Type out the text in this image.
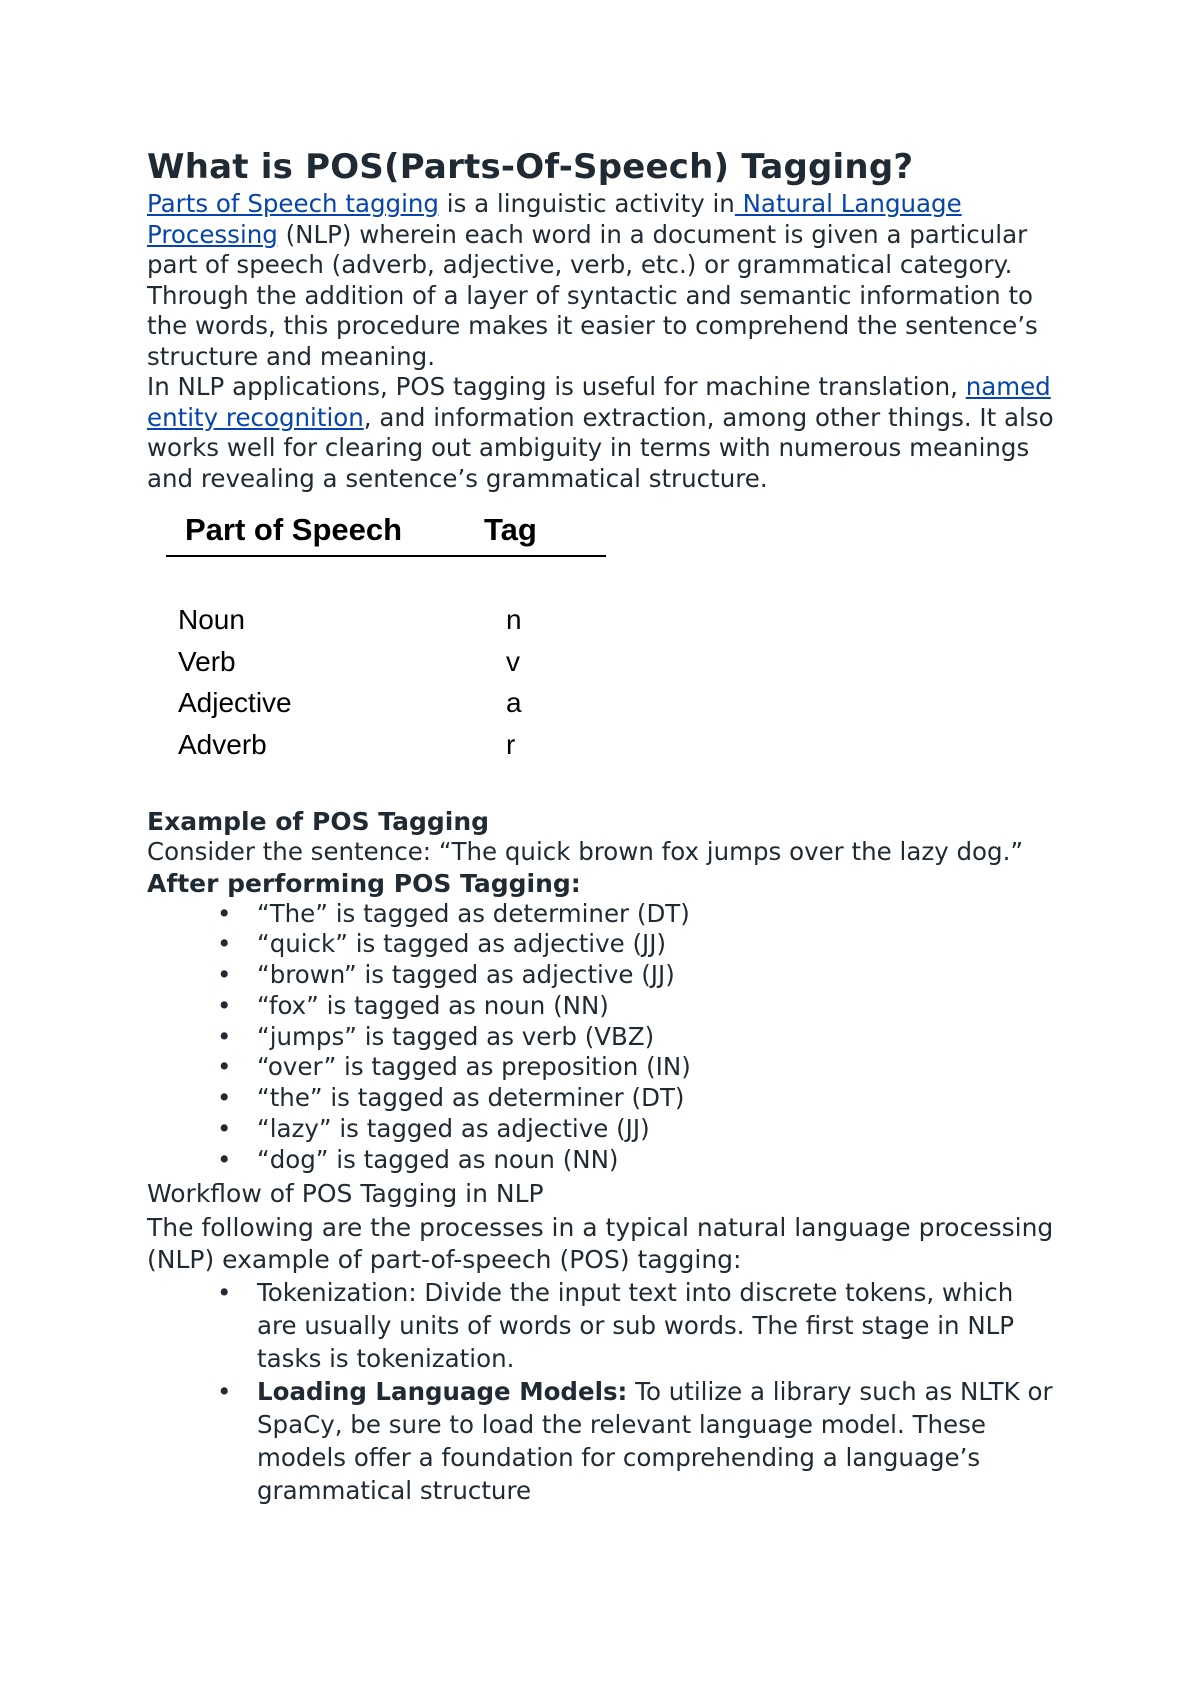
What is POS(Parts-Of-Speech) Tagging?

Parts of Speech tagging is a linguistic activity in Natural Language Processing (NLP) wherein each word in a document is given a particular part of speech (adverb, adjective, verb, etc.) or grammatical category. Through the addition of a layer of syntactic and semantic information to the words, this procedure makes it easier to comprehend the sentence’s structure and meaning.

In NLP applications, POS tagging is useful for machine translation, named entity recognition, and information extraction, among other things. It also works well for clearing out ambiguity in terms with numerous meanings and revealing a sentence’s grammatical structure.

Part of Speech	Tag
Noun	n
Verb	v
Adjective	a
Adverb	r

Example of POS Tagging

Consider the sentence: “The quick brown fox jumps over the lazy dog.”

After performing POS Tagging:

• “The” is tagged as determiner (DT)
• “quick” is tagged as adjective (JJ)
• “brown” is tagged as adjective (JJ)
• “fox” is tagged as noun (NN)
• “jumps” is tagged as verb (VBZ)
• “over” is tagged as preposition (IN)
• “the” is tagged as determiner (DT)
• “lazy” is tagged as adjective (JJ)
• “dog” is tagged as noun (NN)

Workflow of POS Tagging in NLP

The following are the processes in a typical natural language processing (NLP) example of part-of-speech (POS) tagging:

• Tokenization: Divide the input text into discrete tokens, which are usually units of words or sub words. The first stage in NLP tasks is tokenization.
• Loading Language Models: To utilize a library such as NLTK or SpaCy, be sure to load the relevant language model. These models offer a foundation for comprehending a language’s grammatical structure
